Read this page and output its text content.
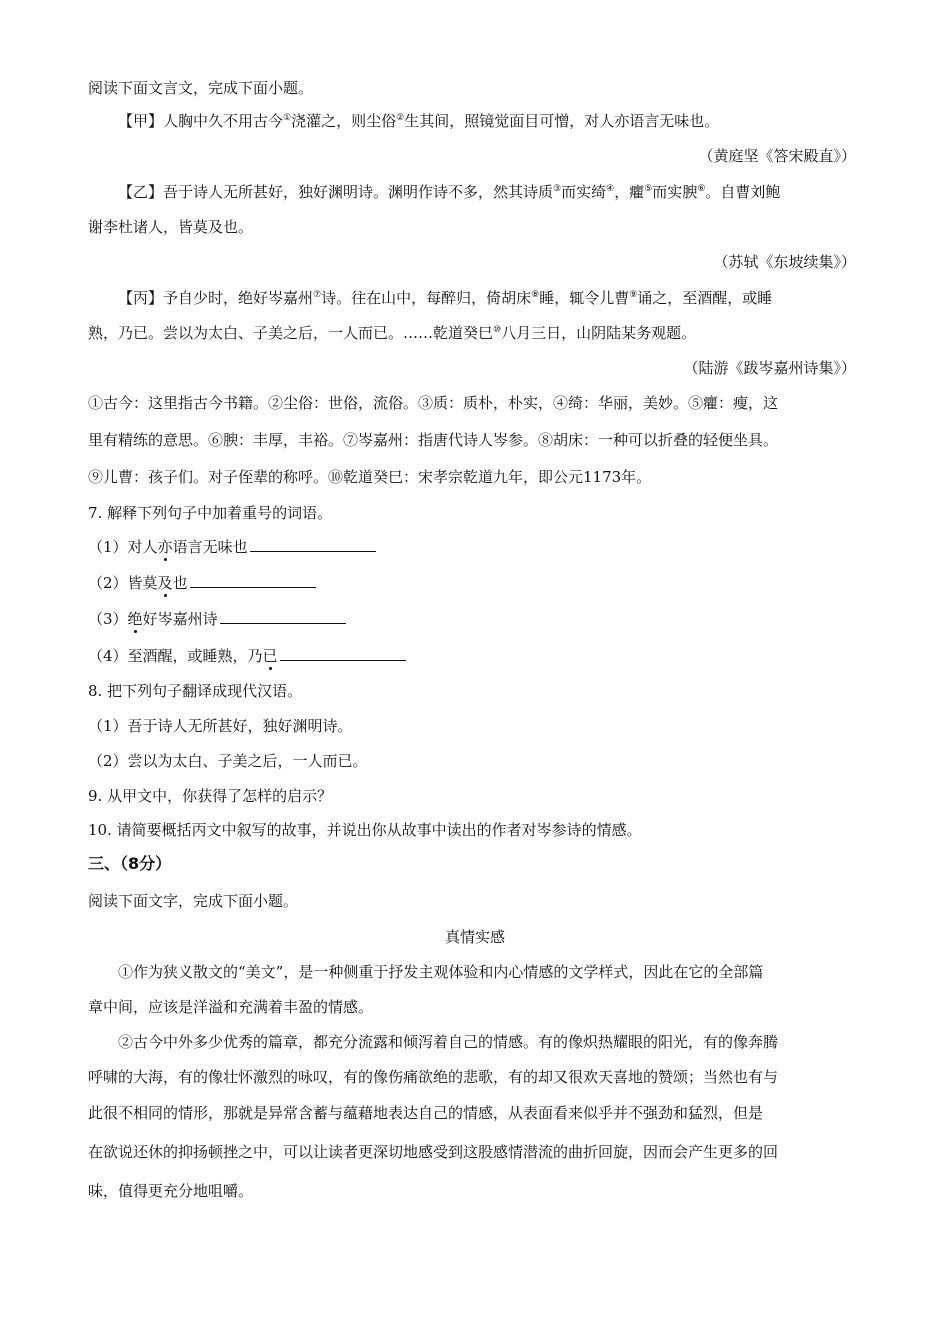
阅读下面文言文，完成下面小题。
【甲】人胸中久不用古今①浇灌之，则尘俗②生其间，照镜觉面目可憎，对人亦语言无味也。
（黄庭坚《答宋殿直》）
【乙】吾于诗人无所甚好，独好渊明诗。渊明作诗不多，然其诗质③而实绮④，癯⑤而实腴⑥。自曹刘鲍
谢李杜诸人，皆莫及也。
（苏轼《东坡续集》）
【丙】予自少时，绝好岑嘉州⑦诗。往在山中，每醉归，倚胡床⑧睡，辄令儿曹⑨诵之，至酒醒，或睡
熟，乃已。尝以为太白、子美之后，一人而已。……乾道癸巳⑩八月三日，山阴陆某务观题。
（陆游《跋岑嘉州诗集》）
①古今：这里指古今书籍。②尘俗：世俗，流俗。③质：质朴，朴实，④绮：华丽，美妙。⑤癯：瘦，这
里有精练的意思。⑥腴：丰厚，丰裕。⑦岑嘉州：指唐代诗人岑参。⑧胡床：一种可以折叠的轻便坐具。
⑨儿曹：孩子们。对子侄辈的称呼。⑩乾道癸巳：宋孝宗乾道九年，即公元1173年。
7. 解释下列句子中加着重号的词语。
（1）对人亦语言无味也
（2）皆莫及也
（3）绝好岑嘉州诗
（4）至酒醒，或睡熟，乃已
8. 把下列句子翻译成现代汉语。
（1）吾于诗人无所甚好，独好渊明诗。
（2）尝以为太白、子美之后，一人而已。
9. 从甲文中，你获得了怎样的启示？
10. 请简要概括丙文中叙写的故事，并说出你从故事中读出的作者对岑参诗的情感。
三、（8分）
阅读下面文字，完成下面小题。
真情实感
①作为狭义散文的“美文”，是一种侧重于抒发主观体验和内心情感的文学样式，因此在它的全部篇
章中间，应该是洋溢和充满着丰盈的情感。
②古今中外多少优秀的篇章，都充分流露和倾泻着自己的情感。有的像炽热耀眼的阳光，有的像奔腾
呼啸的大海，有的像壮怀激烈的咏叹，有的像伤痛欲绝的悲歌，有的却又很欢天喜地的赞颂；当然也有与
此很不相同的情形，那就是异常含蓄与蕴藉地表达自己的情感，从表面看来似乎并不强劲和猛烈，但是
在欲说还休的抑扬顿挫之中，可以让读者更深切地感受到这股感情潜流的曲折回旋，因而会产生更多的回
味，值得更充分地咀嚼。
